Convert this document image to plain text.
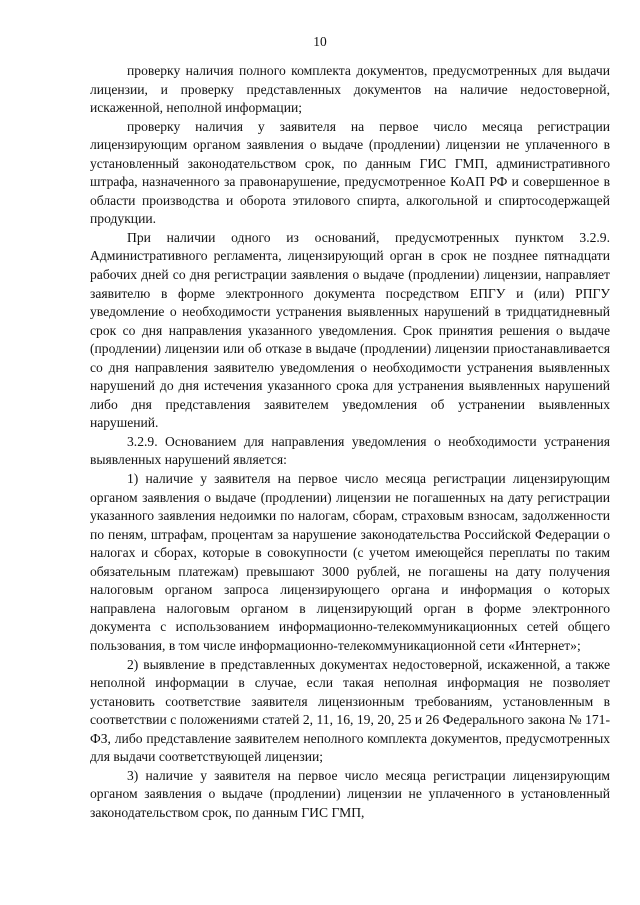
10

проверку наличия полного комплекта документов, предусмотренных для выдачи лицензии, и проверку представленных документов на наличие недостоверной, искаженной, неполной информации;

проверку наличия у заявителя на первое число месяца регистрации лицензирующим органом заявления о выдаче (продлении) лицензии не уплаченного в установленный законодательством срок, по данным ГИС ГМП, административного штрафа, назначенного за правонарушение, предусмотренное КоАП РФ и совершенное в области производства и оборота этилового спирта, алкогольной и спиртосодержащей продукции.

При наличии одного из оснований, предусмотренных пунктом 3.2.9. Административного регламента, лицензирующий орган в срок не позднее пятнадцати рабочих дней со дня регистрации заявления о выдаче (продлении) лицензии, направляет заявителю в форме электронного документа посредством ЕПГУ и (или) РПГУ уведомление о необходимости устранения выявленных нарушений в тридцатидневный срок со дня направления указанного уведомления. Срок принятия решения о выдаче (продлении) лицензии или об отказе в выдаче (продлении) лицензии приостанавливается со дня направления заявителю уведомления о необходимости устранения выявленных нарушений до дня истечения указанного срока для устранения выявленных нарушений либо дня представления заявителем уведомления об устранении выявленных нарушений.

3.2.9. Основанием для направления уведомления о необходимости устранения выявленных нарушений является:

1) наличие у заявителя на первое число месяца регистрации лицензирующим органом заявления о выдаче (продлении) лицензии не погашенных на дату регистрации указанного заявления недоимки по налогам, сборам, страховым взносам, задолженности по пеням, штрафам, процентам за нарушение законодательства Российской Федерации о налогах и сборах, которые в совокупности (с учетом имеющейся переплаты по таким обязательным платежам) превышают 3000 рублей, не погашены на дату получения налоговым органом запроса лицензирующего органа и информация о которых направлена налоговым органом в лицензирующий орган в форме электронного документа с использованием информационно-телекоммуникационных сетей общего пользования, в том числе информационно-телекоммуникационной сети «Интернет»;

2) выявление в представленных документах недостоверной, искаженной, а также неполной информации в случае, если такая неполная информация не позволяет установить соответствие заявителя лицензионным требованиям, установленным в соответствии с положениями статей 2, 11, 16, 19, 20, 25 и 26 Федерального закона № 171-ФЗ, либо представление заявителем неполного комплекта документов, предусмотренных для выдачи соответствующей лицензии;

3) наличие у заявителя на первое число месяца регистрации лицензирующим органом заявления о выдаче (продлении) лицензии не уплаченного в установленный законодательством срок, по данным ГИС ГМП,
